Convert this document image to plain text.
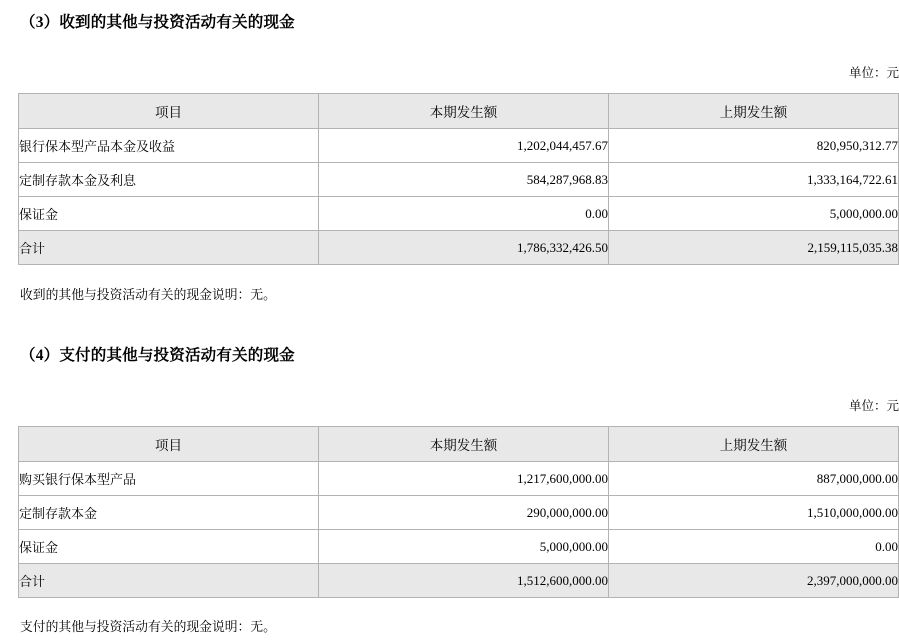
（3）收到的其他与投资活动有关的现金
单位：元
项目	本期发生额	上期发生额
银行保本型产品本金及收益	1,202,044,457.67	820,950,312.77
定制存款本金及利息	584,287,968.83	1,333,164,722.61
保证金	0.00	5,000,000.00
合计	1,786,332,426.50	2,159,115,035.38
收到的其他与投资活动有关的现金说明：无。
（4）支付的其他与投资活动有关的现金
单位：元
项目	本期发生额	上期发生额
购买银行保本型产品	1,217,600,000.00	887,000,000.00
定制存款本金	290,000,000.00	1,510,000,000.00
保证金	5,000,000.00	0.00
合计	1,512,600,000.00	2,397,000,000.00
支付的其他与投资活动有关的现金说明：无。
